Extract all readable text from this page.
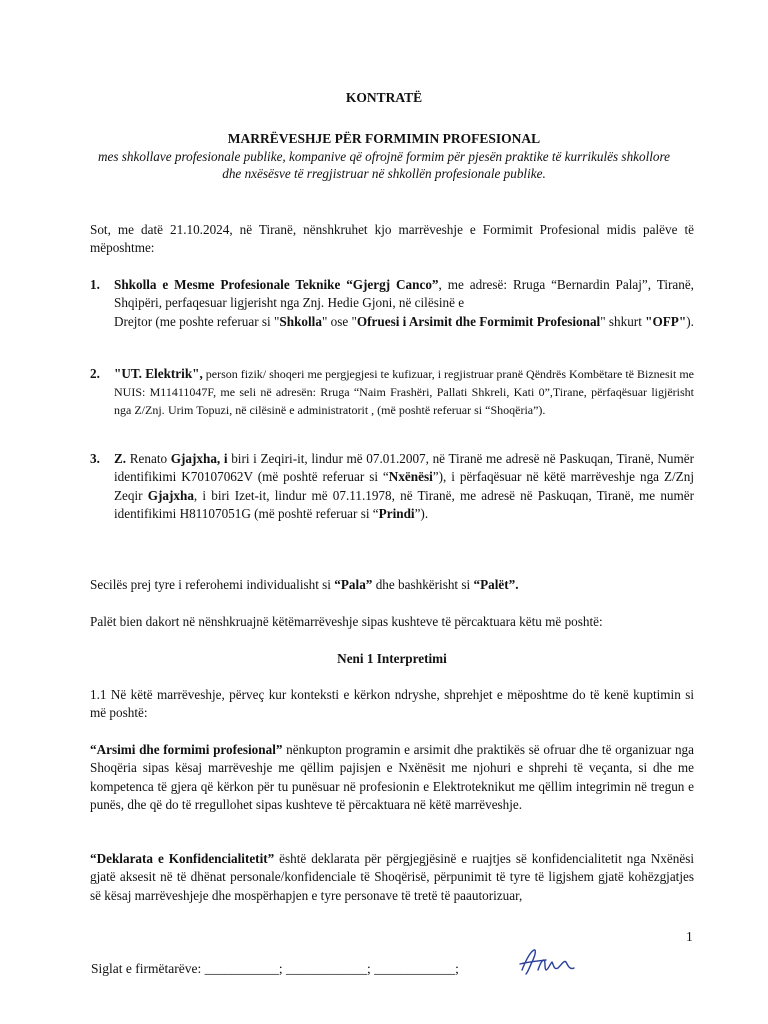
KONTRATË
MARRËVESHJE PËR FORMIMIN PROFESIONAL
mes shkollave profesionale publike, kompanive që ofrojnë formim për pjesën praktike të kurrikulës shkollore dhe nxësësve të rregjistruar në shkollën profesionale publike.
Sot, me datë 21.10.2024, në Tiranë, nënshkruhet kjo marrëveshje e Formimit Profesional midis palëve të mëposhtme:
1. Shkolla e Mesme Profesionale Teknike “Gjergj Canco”, me adresë: Rruga “Bernardin Palaj”, Tiranë, Shqipëri, perfaqesuar ligjerisht nga Znj. Hedie Gjoni, në cilësinë e
Drejtor (me poshte referuar si "Shkolla" ose "Ofruesi i Arsimit dhe Formimit Profesional" shkurt "OFP").
2. "UT. Elektrik", person fizik/ shoqeri me pergjegjesi te kufizuar, i regjistruar pranë Qëndrës Kombëtare të Biznesit me NUIS: M11411047F, me seli në adresën: Rruga “Naim Frashëri, Pallati Shkreli, Kati 0”,Tirane, përfaqësuar ligjërisht nga Z/Znj. Urim Topuzi, në cilësinë e administratorit , (më poshtë referuar si “Shoqëria”).
3. Z. Renato Gjajxha, i biri i Zeqiri-it, lindur më 07.01.2007, në Tiranë me adresë në Paskuqan, Tiranë, Numër identifikimi K70107062V (më poshtë referuar si “Nxënësi”), i përfaqësuar në këtë marrëveshje nga Z/Znj Zeqir Gjajxha, i biri Izet-it, lindur më 07.11.1978, në Tiranë, me adresë në Paskuqan, Tiranë, me numër identifikimi H81107051G (më poshtë referuar si “Prindi”).
Secilës prej tyre i referohemi individualisht si “Pala” dhe bashkërisht si “Palët”.
Palët bien dakort në nënshkruajnë këtëmarrëveshje sipas kushteve të përcaktuara këtu më poshtë:
Neni 1 Interpretimi
1.1 Në këtë marrëveshje, përveç kur konteksti e kërkon ndryshe, shprehjet e mëposhtme do të kenë kuptimin si më poshtë:
“Arsimi dhe formimi profesional” nënkupton programin e arsimit dhe praktikës së ofruar dhe të organizuar nga Shoqëria sipas kësaj marrëveshje me qëllim pajisjen e Nxënësit me njohuri e shprehi të veçanta, si dhe me kompetenca të gjera që kërkon për tu punësuar në profesionin e Elektroteknikut me qëllim integrimin në tregun e punës, dhe që do të rregullohet sipas kushteve të përcaktuara në këtë marrëveshje.
“Deklarata e Konfidencialitetit” është deklarata për përgjegjësinë e ruajtjes së konfidencialitetit nga Nxënësi gjatë aksesit në të dhënat personale/konfidenciale të Shoqërisë, përpunimit të tyre të ligjshem gjatë kohëzgjatjes së kësaj marrëveshjeje dhe mospërhapjen e tyre personave të tretë të paautorizuar,
1
Siglat e firmëtarëve: ___________; ____________; ____________;
